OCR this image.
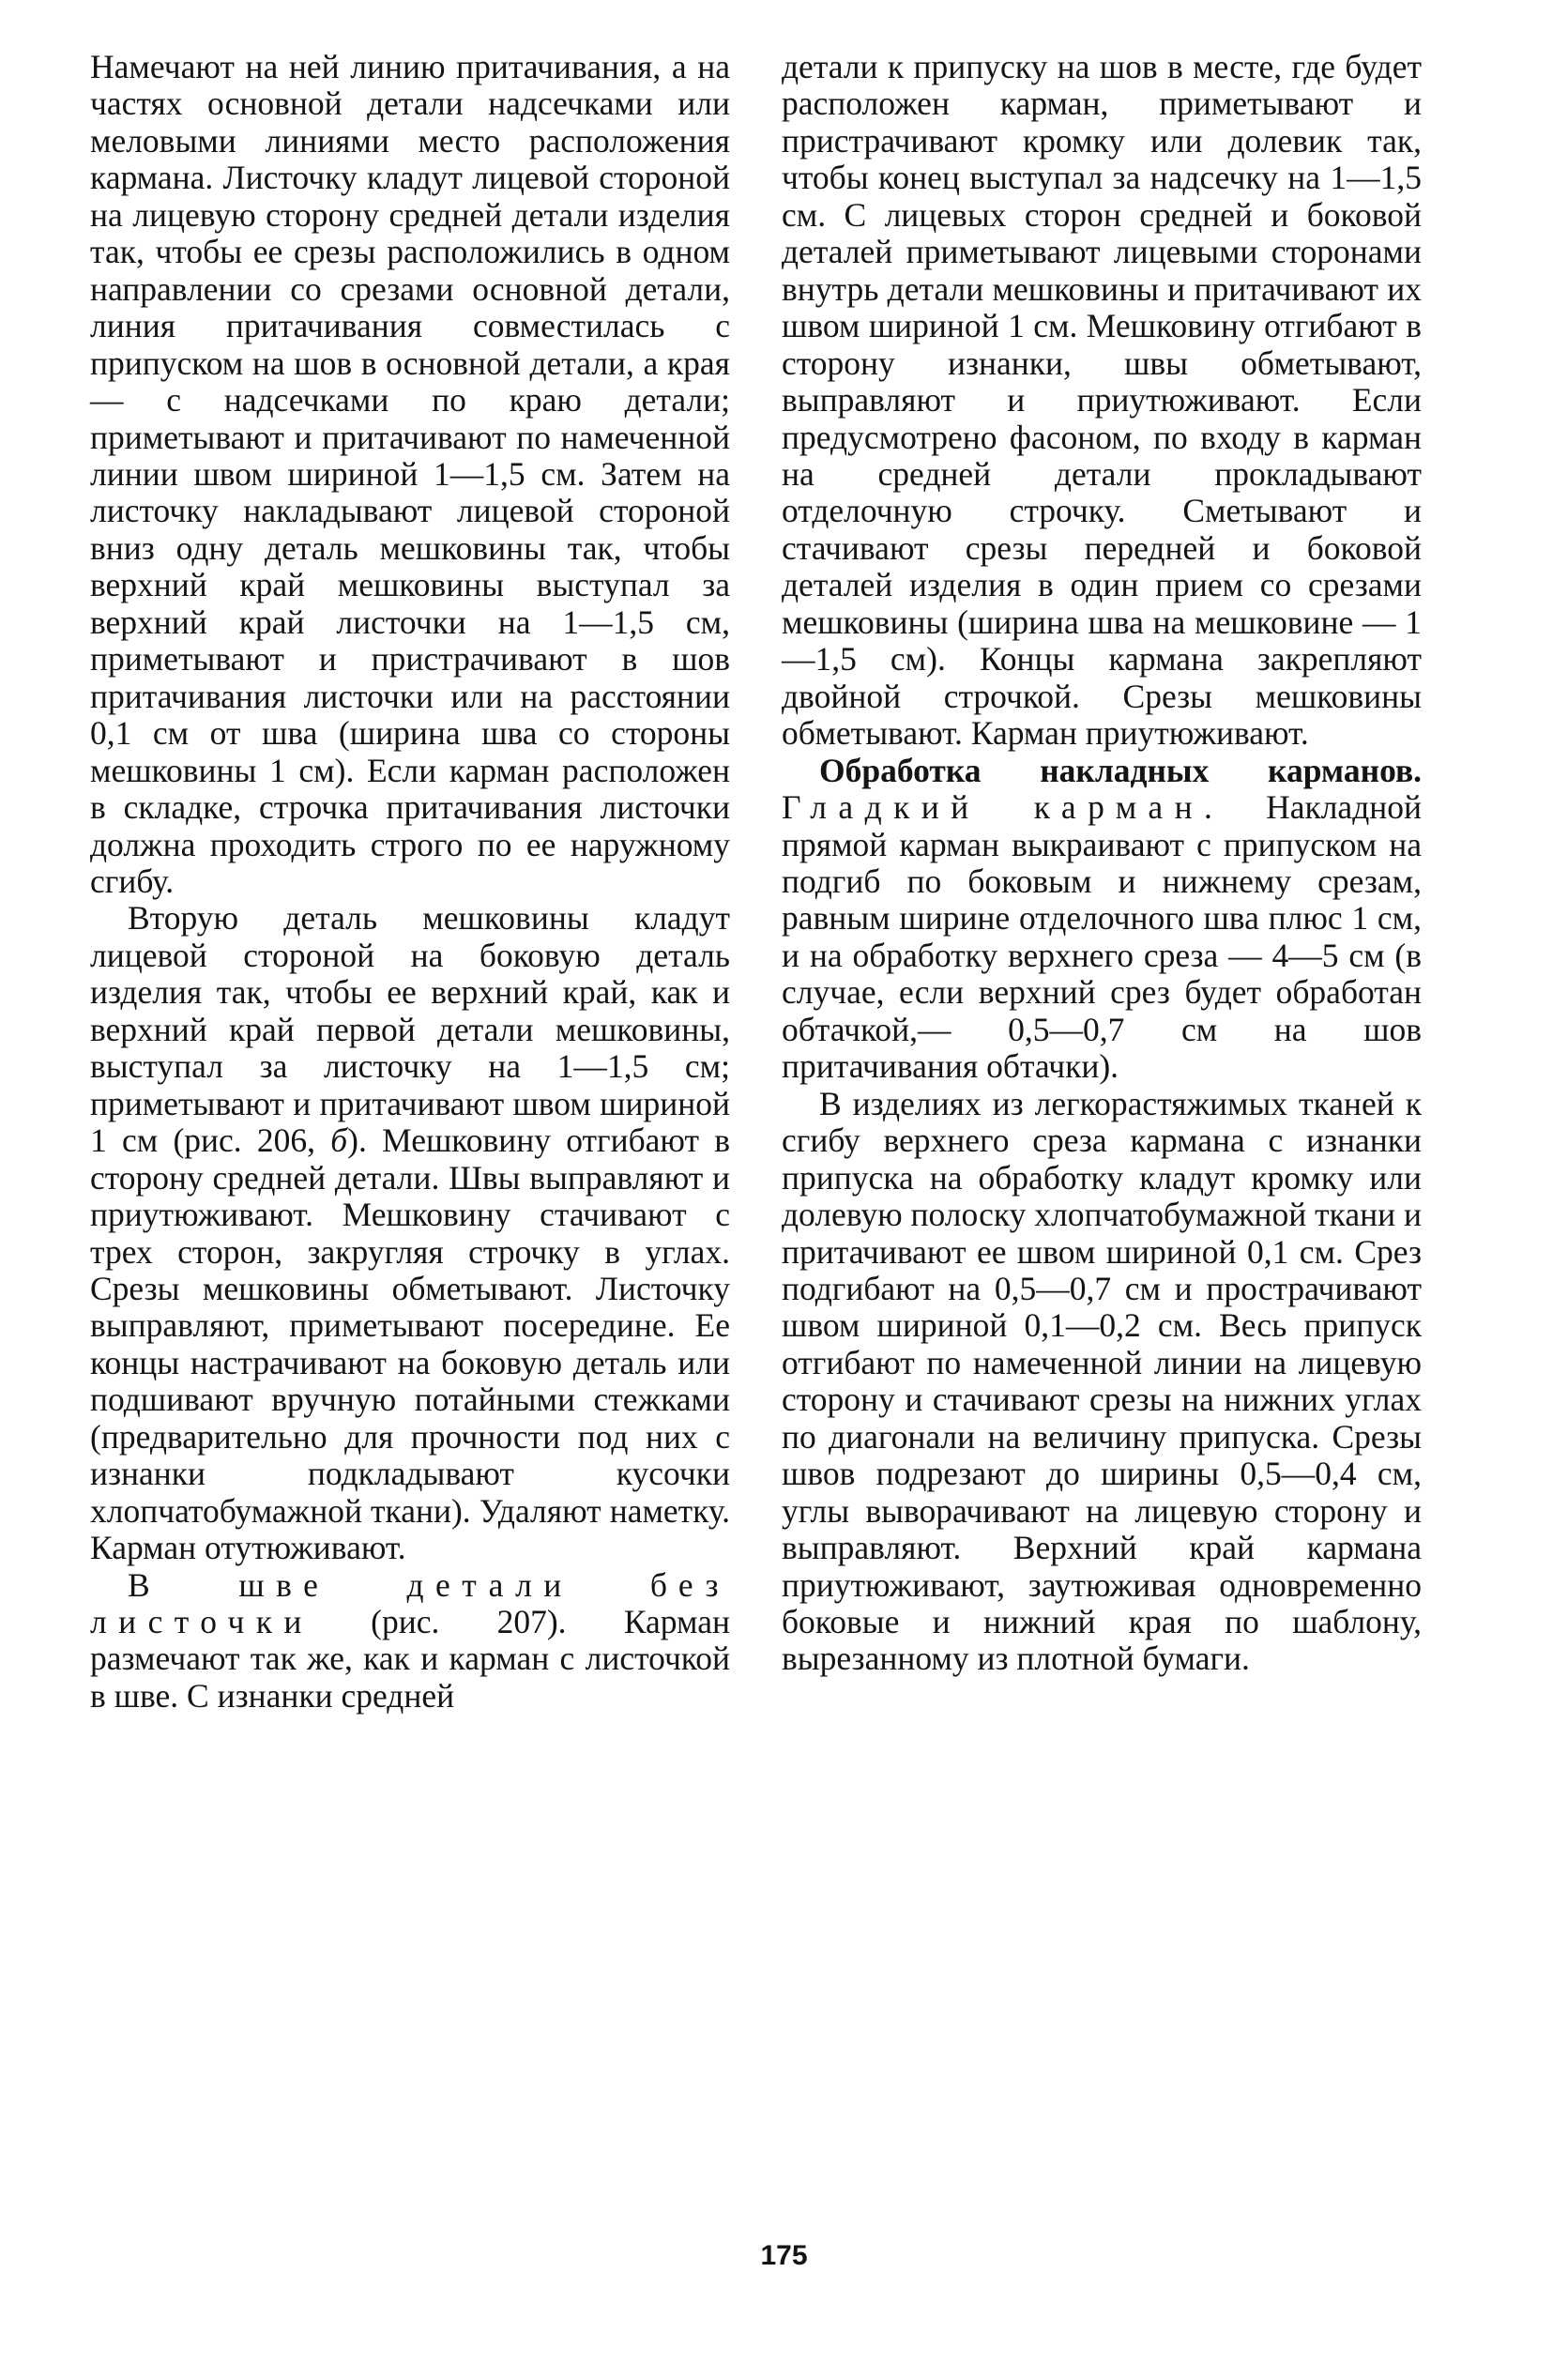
Намечают на ней линию притачивания, а на частях основной детали надсечками или меловыми линиями место расположения кармана. Листочку кладут лицевой стороной на лицевую сторону средней детали изделия так, чтобы ее срезы расположились в одном направлении со срезами основной детали, линия притачивания совместилась с припуском на шов в основной детали, а края — с надсечками по краю детали; приметывают и притачивают по намеченной линии швом шириной 1—1,5 см. Затем на листочку накладывают лицевой стороной вниз одну деталь мешковины так, чтобы верхний край мешковины выступал за верхний край листочки на 1—1,5 см, приметывают и пристрачивают в шов притачивания листочки или на расстоянии 0,1 см от шва (ширина шва со стороны мешковины 1 см). Если карман расположен в складке, строчка притачивания листочки должна проходить строго по ее наружному сгибу.

Вторую деталь мешковины кладут лицевой стороной на боковую деталь изделия так, чтобы ее верхний край, как и верхний край первой детали мешковины, выступал за листочку на 1—1,5 см; приметывают и притачивают швом шириной 1 см (рис. 206, б). Мешковину отгибают в сторону средней детали. Швы выправляют и приутюживают. Мешковину стачивают с трех сторон, закругляя строчку в углах. Срезы мешковины обметывают. Листочку выправляют, приметывают посередине. Ее концы настрачивают на боковую деталь или подшивают вручную потайными стежками (предварительно для прочности под них с изнанки подкладывают кусочки хлопчатобумажной ткани). Удаляют наметку. Карман отутюживают.

В шве детали без листочки (рис. 207). Карман размечают так же, как и карман с листочкой в шве. С изнанки средней

детали к припуску на шов в месте, где будет расположен карман, приметывают и пристрачивают кромку или долевик так, чтобы конец выступал за надсечку на 1—1,5 см. С лицевых сторон средней и боковой деталей приметывают лицевыми сторонами внутрь детали мешковины и притачивают их швом шириной 1 см. Мешковину отгибают в сторону изнанки, швы обметывают, выправляют и приутюживают. Если предусмотрено фасоном, по входу в карман на средней детали прокладывают отделочную строчку. Сметывают и стачивают срезы передней и боковой деталей изделия в один прием со срезами мешковины (ширина шва на мешковине — 1—1,5 см). Концы кармана закрепляют двойной строчкой. Срезы мешковины обметывают. Карман приутюживают.

Обработка накладных карманов. Гладкий карман. Накладной прямой карман выкраивают с припуском на подгиб по боковым и нижнему срезам, равным ширине отделочного шва плюс 1 см, и на обработку верхнего среза — 4—5 см (в случае, если верхний срез будет обработан обтачкой,— 0,5—0,7 см на шов притачивания обтачки).

В изделиях из легкорастяжимых тканей к сгибу верхнего среза кармана с изнанки припуска на обработку кладут кромку или долевую полоску хлопчатобумажной ткани и притачивают ее швом шириной 0,1 см. Срез подгибают на 0,5—0,7 см и прострачивают швом шириной 0,1—0,2 см. Весь припуск отгибают по намеченной линии на лицевую сторону и стачивают срезы на нижних углах по диагонали на величину припуска. Срезы швов подрезают до ширины 0,5—0,4 см, углы выворачивают на лицевую сторону и выправляют. Верхний край кармана приутюживают, заутюживая одновременно боковые и нижний края по шаблону, вырезанному из плотной бумаги.

175
